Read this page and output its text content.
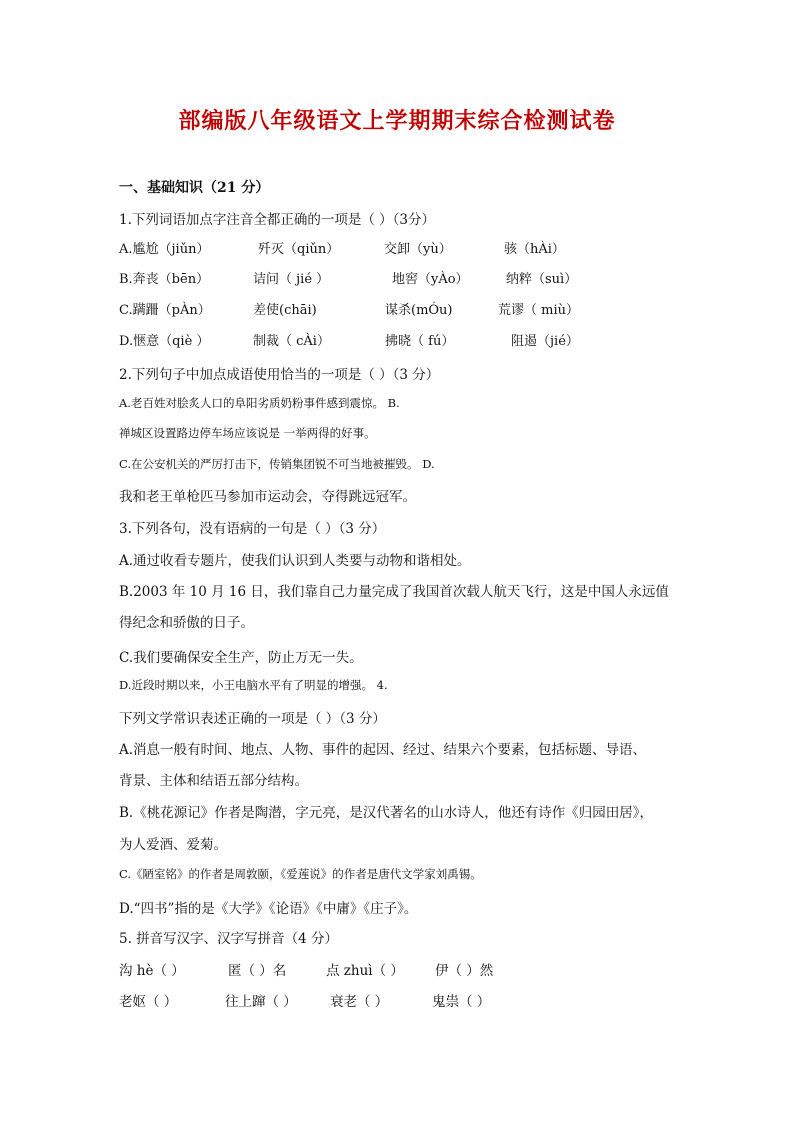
部编版八年级语文上学期期末综合检测试卷
一、基础知识（21 分）
1.下列词语加点字注音全都正确的一项是（ ）（3分）
A.尴尬（jiǔn）	歼灭（qiǔn）	交卸（yù）	骇（hÀi）
B.奔丧（bēn）	诘问（ jié ）	地窖（yÀo）	纳粹（suì）
C.蹒跚（pÀn）	差使(chāi)	谋杀(mÓu)	荒谬（ miù）
D.惬意（qiè ）	制裁（ cÀi）	拂晓（ fú）	阻遏（jié）
2.下列句子中加点成语使用恰当的一项是（ ）（3 分）
A.老百姓对脍炙人口的阜阳劣质奶粉事件感到震惊。 B.
禅城区设置路边停车场应该说是 一举两得的好事。
C.在公安机关的严厉打击下，传销集团锐不可当地被摧毁。 D.
我和老王单枪匹马参加市运动会，夺得跳远冠军。
3.下列各句，没有语病的一句是（ ）（3 分）
A.通过收看专题片，使我们认识到人类要与动物和谐相处。
B.2003 年 10 月 16 日，我们靠自己力量完成了我国首次载人航天飞行，这是中国人永远值
得纪念和骄傲的日子。
C.我们要确保安全生产，防止万无一失。
D.近段时期以来，小王电脑水平有了明显的增强。 4.
下列文学常识表述正确的一项是（ ）（3 分）
A.消息一般有时间、地点、人物、事件的起因、经过、结果六个要素，包括标题、导语、
背景、主体和结语五部分结构。
B.《桃花源记》作者是陶潜，字元亮，是汉代著名的山水诗人，他还有诗作《归园田居》，
为人爱酒、爱菊。
C.《陋室铭》的作者是周敦颐，《爱莲说》的作者是唐代文学家刘禹锡。
D.“四书”指的是《大学》《论语》《中庸》《庄子》。
5. 拼音写汉字、汉字写拼音（4 分）
沟 hè（ ）	匿（ ）名	点 zhuì（ ） 伊（ ）然
老妪（ ）	往上蹿（ ） 衰老（ ）	鬼祟（ ）
